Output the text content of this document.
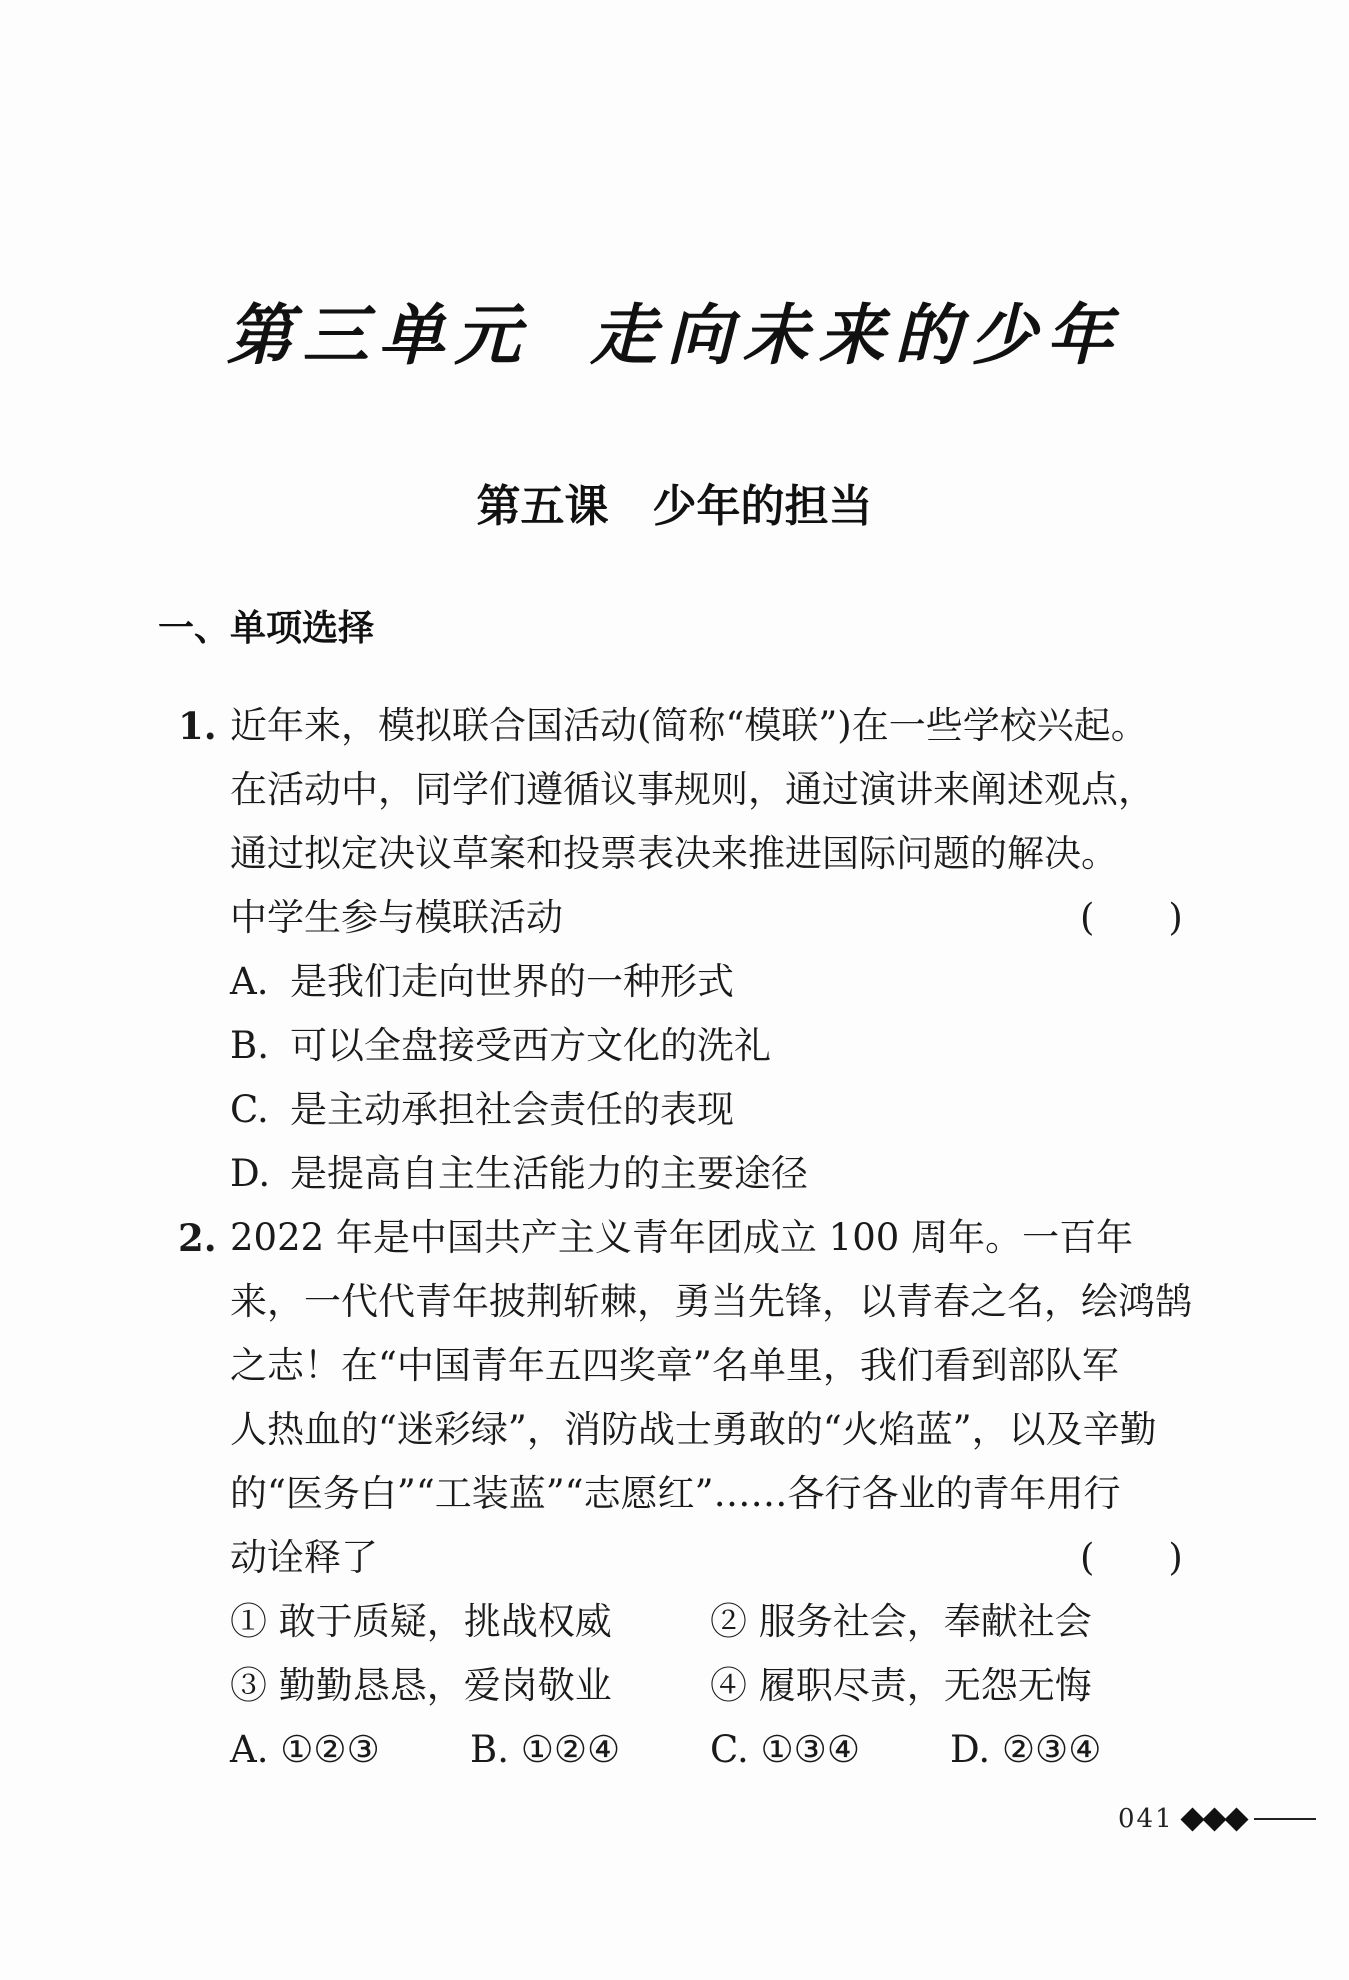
第三单元 走向未来的少年
第五课 少年的担当
一、单项选择
1. 近年来，模拟联合国活动(简称“模联”)在一些学校兴起。
在活动中，同学们遵循议事规则，通过演讲来阐述观点，
通过拟定决议草案和投票表决来推进国际问题的解决。
中学生参与模联活动	(　　)
A. 是我们走向世界的一种形式
B. 可以全盘接受西方文化的洗礼
C. 是主动承担社会责任的表现
D. 是提高自主生活能力的主要途径
2. 2022 年是中国共产主义青年团成立 100 周年。一百年
来，一代代青年披荆斩棘，勇当先锋，以青春之名，绘鸿鹄
之志！在“中国青年五四奖章”名单里，我们看到部队军
人热血的“迷彩绿”，消防战士勇敢的“火焰蓝”，以及辛勤
的“医务白”“工装蓝”“志愿红”……各行各业的青年用行
动诠释了	(　　)
① 敢于质疑，挑战权威	② 服务社会，奉献社会
③ 勤勤恳恳，爱岗敬业	④ 履职尽责，无怨无悔
A. ①②③	B. ①②④	C. ①③④	D. ②③④
041
